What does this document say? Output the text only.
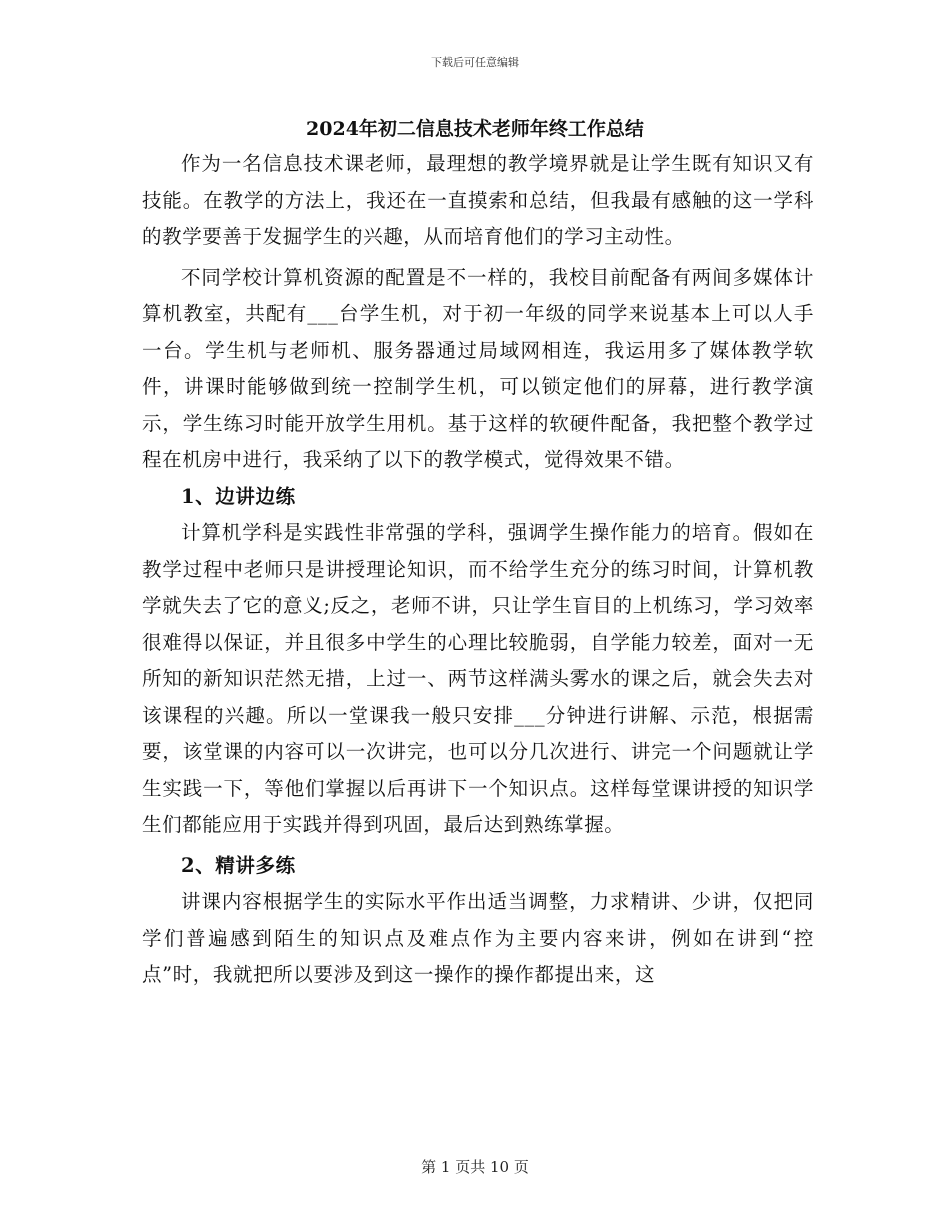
下载后可任意编辑
2024年初二信息技术老师年终工作总结

作为一名信息技术课老师，最理想的教学境界就是让学生既有知识又有技能。在教学的方法上，我还在一直摸索和总结，但我最有感触的这一学科的教学要善于发掘学生的兴趣，从而培育他们的学习主动性。

不同学校计算机资源的配置是不一样的，我校目前配备有两间多媒体计算机教室，共配有___台学生机，对于初一年级的同学来说基本上可以人手一台。学生机与老师机、服务器通过局域网相连，我运用多了媒体教学软件，讲课时能够做到统一控制学生机，可以锁定他们的屏幕，进行教学演示，学生练习时能开放学生用机。基于这样的软硬件配备，我把整个教学过程在机房中进行，我采纳了以下的教学模式，觉得效果不错。

1、边讲边练

计算机学科是实践性非常强的学科，强调学生操作能力的培育。假如在教学过程中老师只是讲授理论知识，而不给学生充分的练习时间，计算机教学就失去了它的意义;反之，老师不讲，只让学生盲目的上机练习，学习效率很难得以保证，并且很多中学生的心理比较脆弱，自学能力较差，面对一无所知的新知识茫然无措，上过一、两节这样满头雾水的课之后，就会失去对该课程的兴趣。所以一堂课我一般只安排___分钟进行讲解、示范，根据需要，该堂课的内容可以一次讲完，也可以分几次进行、讲完一个问题就让学生实践一下，等他们掌握以后再讲下一个知识点。这样每堂课讲授的知识学生们都能应用于实践并得到巩固，最后达到熟练掌握。

2、精讲多练

讲课内容根据学生的实际水平作出适当调整，力求精讲、少讲，仅把同学们普遍感到陌生的知识点及难点作为主要内容来讲，例如在讲到“控点”时，我就把所以要涉及到这一操作的操作都提出来，这

第 1 页共 10 页
